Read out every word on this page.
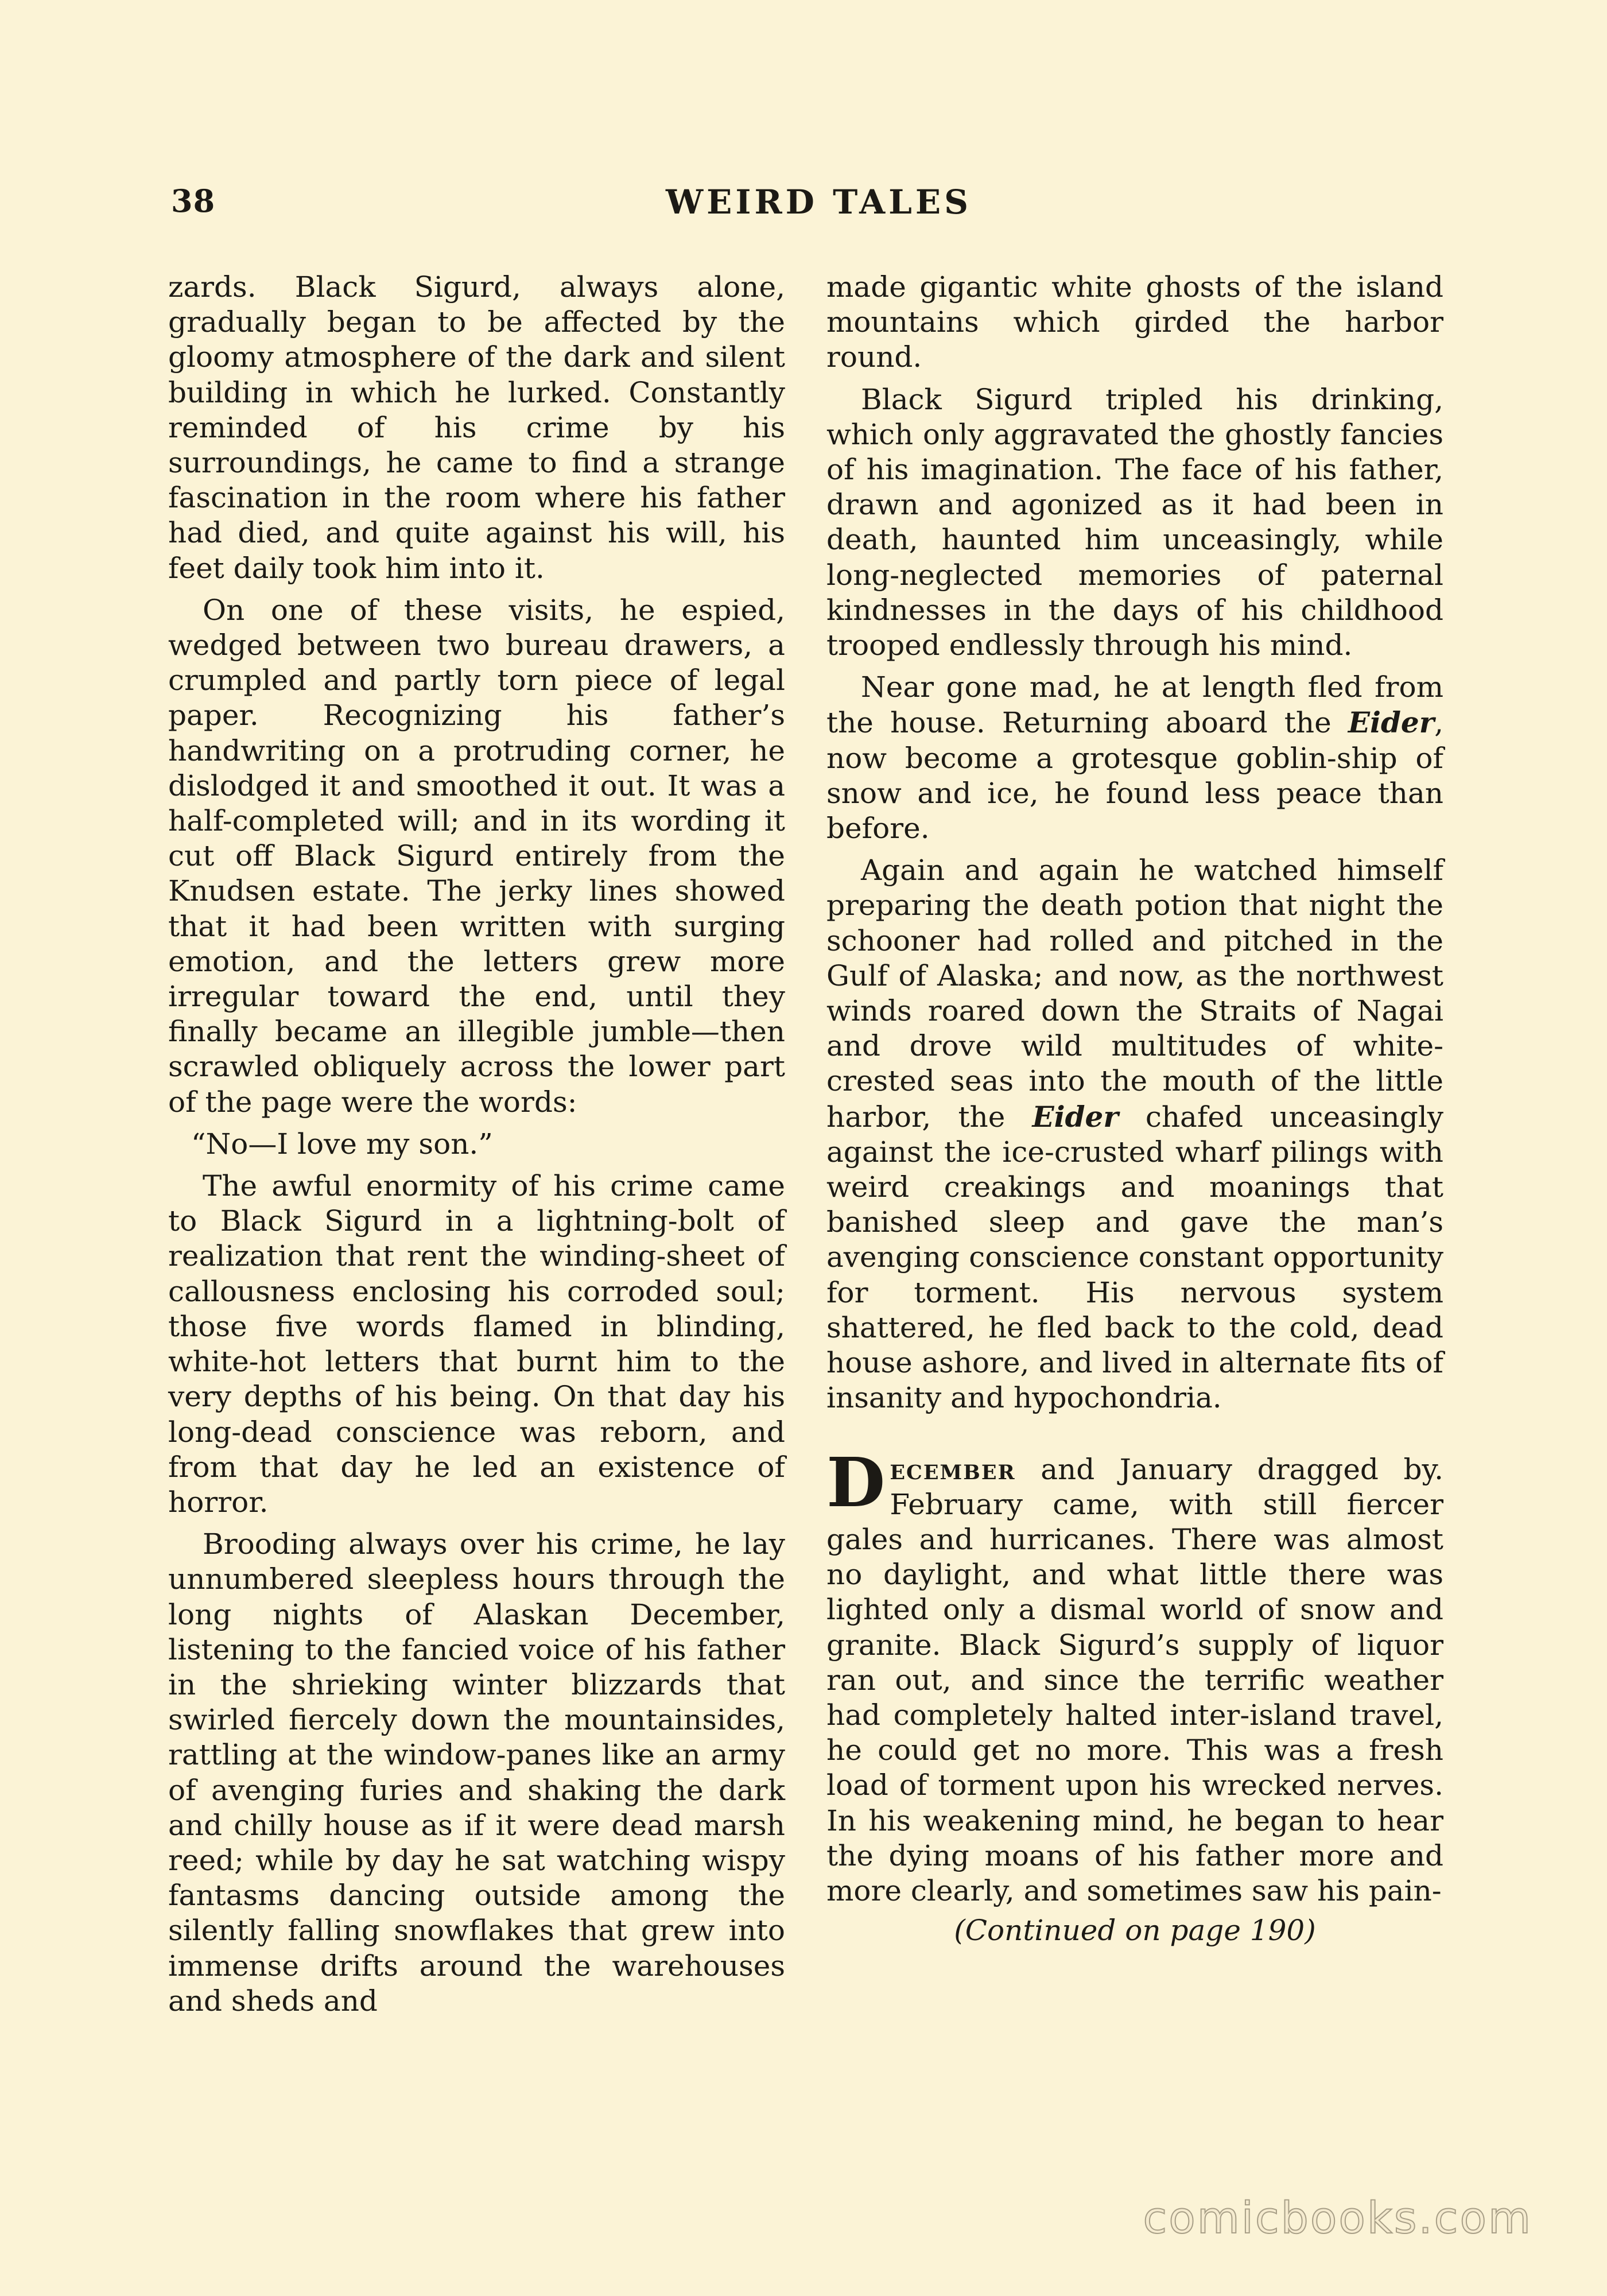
38	WEIRD TALES

zards. Black Sigurd, always alone, gradually began to be affected by the gloomy atmosphere of the dark and silent building in which he lurked. Constantly reminded of his crime by his surroundings, he came to find a strange fascination in the room where his father had died, and quite against his will, his feet daily took him into it.

On one of these visits, he espied, wedged between two bureau drawers, a crumpled and partly torn piece of legal paper. Recognizing his father’s handwriting on a protruding corner, he dislodged it and smoothed it out. It was a half-completed will; and in its wording it cut off Black Sigurd entirely from the Knudsen estate. The jerky lines showed that it had been written with surging emotion, and the letters grew more irregular toward the end, until they finally became an illegible jumble—then scrawled obliquely across the lower part of the page were the words:

“No—I love my son.”

The awful enormity of his crime came to Black Sigurd in a lightning-bolt of realization that rent the winding-sheet of callousness enclosing his corroded soul; those five words flamed in blinding, white-hot letters that burnt him to the very depths of his being. On that day his long-dead conscience was reborn, and from that day he led an existence of horror.

Brooding always over his crime, he lay unnumbered sleepless hours through the long nights of Alaskan December, listening to the fancied voice of his father in the shrieking winter blizzards that swirled fiercely down the mountainsides, rattling at the window-panes like an army of avenging furies and shaking the dark and chilly house as if it were dead marsh reed; while by day he sat watching wispy fantasms dancing outside among the silently falling snowflakes that grew into immense drifts around the warehouses and sheds and

made gigantic white ghosts of the island mountains which girded the harbor round.

Black Sigurd tripled his drinking, which only aggravated the ghostly fancies of his imagination. The face of his father, drawn and agonized as it had been in death, haunted him unceasingly, while long-neglected memories of paternal kindnesses in the days of his childhood trooped endlessly through his mind.

Near gone mad, he at length fled from the house. Returning aboard the Eider, now become a grotesque goblin-ship of snow and ice, he found less peace than before.

Again and again he watched himself preparing the death potion that night the schooner had rolled and pitched in the Gulf of Alaska; and now, as the northwest winds roared down the Straits of Nagai and drove wild multitudes of white-crested seas into the mouth of the little harbor, the Eider chafed unceasingly against the ice-crusted wharf pilings with weird creakings and moanings that banished sleep and gave the man’s avenging conscience constant opportunity for torment. His nervous system shattered, he fled back to the cold, dead house ashore, and lived in alternate fits of insanity and hypochondria.

December and January dragged by. February came, with still fiercer gales and hurricanes. There was almost no daylight, and what little there was lighted only a dismal world of snow and granite. Black Sigurd’s supply of liquor ran out, and since the terrific weather had completely halted inter-island travel, he could get no more. This was a fresh load of torment upon his wrecked nerves. In his weakening mind, he began to hear the dying moans of his father more and more clearly, and sometimes saw his pain-

(Continued on page 190)

comicbooks.com
